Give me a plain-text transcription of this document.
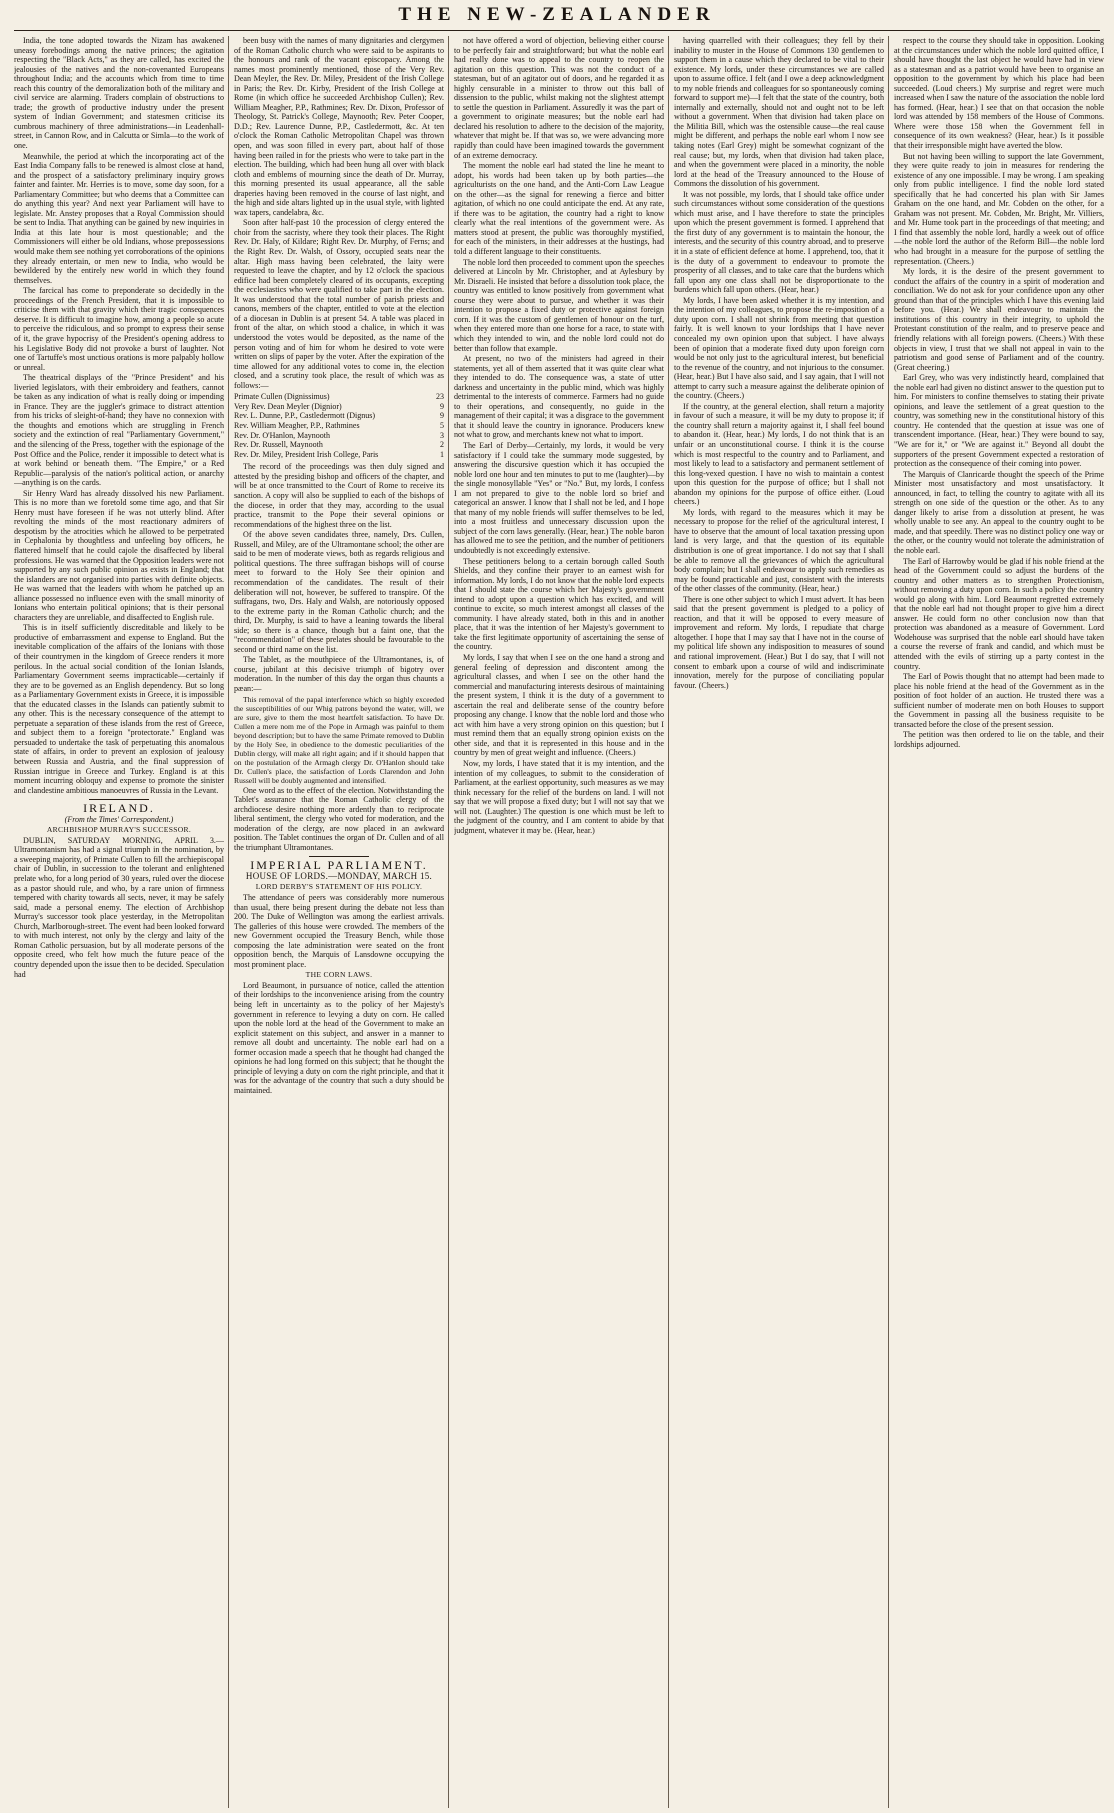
THE NEW-ZEALANDER

India, the tone adopted towards the Nizam has awakened uneasy forebodings among the native princes; the agitation respecting the "Black Acts," as they are called, has excited the jealousies of the natives and the non-covenanted Europeans throughout India; and the accounts which from time to time reach this country of the demoralization both of the military and civil service are alarming. Traders complain of obstructions to trade; the growth of productive industry under the present system of Indian Government; and statesmen criticise its cumbrous machinery of three administrations—in Leadenhall-street, in Cannon Row, and in Calcutta or Simla—to the work of one.

Meanwhile, the period at which the incorporating act of the East India Company falls to be renewed is almost close at hand, and the prospect of a satisfactory preliminary inquiry grows fainter and fainter. Mr. Herries is to move, some day soon, for a Parliamentary Committee; but who deems that a Committee can do anything this year? And next year Parliament will have to legislate. Mr. Anstey proposes that a Royal Commission should be sent to India. That anything can be gained by new inquiries in India at this late hour is most questionable; and the Commissioners will either be old Indians, whose prepossessions would make them see nothing yet corroborations of the opinions they already entertain, or men new to India, who would be bewildered by the entirely new world in which they found themselves.

The farcical has come to preponderate so decidedly in the proceedings of the French President, that it is impossible to criticise them with that gravity which their tragic consequences deserve. It is difficult to imagine how, among a people so acute to perceive the ridiculous, and so prompt to express their sense of it, the grave hypocrisy of the President's opening address to his Legislative Body did not provoke a burst of laughter. Not one of Tartuffe's most unctious orations is more palpably hollow or unreal.

The theatrical displays of the "Prince President" and his liveried legislators, with their embroidery and feathers, cannot be taken as any indication of what is really doing or impending in France. They are the juggler's grimace to distract attention from his tricks of sleight-of-hand; they have no connexion with the thoughts and emotions which are struggling in French society and the extinction of real "Parliamentary Government," and the silencing of the Press, together with the espionage of the Post Office and the Police, render it impossible to detect what is at work behind or beneath them. "The Empire," or a Red Republic—paralysis of the nation's political action, or anarchy—anything is on the cards.

Sir Henry Ward has already dissolved his new Parliament. This is no more than we foretold some time ago, and that Sir Henry must have foreseen if he was not utterly blind. After revolting the minds of the most reactionary admirers of despotism by the atrocities which he allowed to be perpetrated in Cephalonia by thoughtless and unfeeling boy officers, he flattered himself that he could cajole the disaffected by liberal professions. He was warned that the Opposition leaders were not supported by any such public opinion as exists in England; that the islanders are not organised into parties with definite objects. He was warned that the leaders with whom he patched up an alliance possessed no influence even with the small minority of Ionians who entertain political opinions; that is their personal characters they are unreliable, and disaffected to English rule.

This is in itself sufficiently discreditable and likely to be productive of embarrassment and expense to England. But the inevitable complication of the affairs of the Ionians with those of their countrymen in the kingdom of Greece renders it more perilous. In the actual social condition of the Ionian Islands, Parliamentary Government seems impracticable—certainly if they are to be governed as an English dependency. But so long as a Parliamentary Government exists in Greece, it is impossible that the educated classes in the Islands can patiently submit to any other. This is the necessary consequence of the attempt to perpetuate a separation of these islands from the rest of Greece, and subject them to a foreign "protectorate." England was persuaded to undertake the task of perpetuating this anomalous state of affairs, in order to prevent an explosion of jealousy between Russia and Austria, and the final suppression of Russian intrigue in Greece and Turkey. England is at this moment incurring obloquy and expense to promote the sinister and clandestine ambitious manoeuvres of Russia in the Levant.

IRELAND.

(From the Times' Correspondent.)

ARCHBISHOP MURRAY'S SUCCESSOR.

DUBLIN, SATURDAY MORNING, APRIL 3.—Ultramontanism has had a signal triumph in the nomination, by a sweeping majority, of Primate Cullen to fill the archiepiscopal chair of Dublin, in succession to the tolerant and enlightened prelate who, for a long period of 30 years, ruled over the diocese as a pastor should rule, and who, by a rare union of firmness tempered with charity towards all sects, never, it may be safely said, made a personal enemy. The election of Archbishop Murray's successor took place yesterday, in the Metropolitan Church, Marlborough-street. The event had been looked forward to with much interest, not only by the clergy and laity of the Roman Catholic persuasion, but by all moderate persons of the opposite creed, who felt how much the future peace of the country depended upon the issue then to be decided. Speculation had

been busy with the names of many dignitaries and clergymen of the Roman Catholic church who were said to be aspirants to the honours and rank of the vacant episcopacy. Among the names most prominently mentioned, those of the Very Rev. Dean Meyler, the Rev. Dr. Miley, President of the Irish College in Paris; the Rev. Dr. Kirby, President of the Irish College at Rome (in which office he succeeded Archbishop Cullen); Rev. William Meagher, P.P., Rathmines; Rev. Dr. Dixon, Professor of Theology, St. Patrick's College, Maynooth; Rev. Peter Cooper, D.D.; Rev. Laurence Dunne, P.P., Castledermott, &c. At ten o'clock the Roman Catholic Metropolitan Chapel was thrown open, and was soon filled in every part, about half of those having been railed in for the priests who were to take part in the election. The building, which had been hung all over with black cloth and emblems of mourning since the death of Dr. Murray, this morning presented its usual appearance, all the sable draperies having been removed in the course of last night, and the high and side altars lighted up in the usual style, with lighted wax tapers, candelabra, &c.

Soon after half-past 10 the procession of clergy entered the choir from the sacristy, where they took their places. The Right Rev. Dr. Haly, of Kildare; Right Rev. Dr. Murphy, of Ferns; and the Right Rev. Dr. Walsh, of Ossory, occupied seats near the altar. High mass having been celebrated, the laity were requested to leave the chapter, and by 12 o'clock the spacious edifice had been completely cleared of its occupants, excepting the ecclesiastics who were qualified to take part in the election. It was understood that the total number of parish priests and canons, members of the chapter, entitled to vote at the election of a diocesan in Dublin is at present 54. A table was placed in front of the altar, on which stood a chalice, in which it was understood the votes would be deposited, as the name of the person voting and of him for whom he desired to vote were written on slips of paper by the voter. After the expiration of the time allowed for any additional votes to come in, the election closed, and a scrutiny took place, the result of which was as follows:—

Primate Cullen (Dignissimus)	23
Very Rev. Dean Meyler (Dignior)	9
Rev. L. Dunne, P.P., Castledermott (Dignus)	9
Rev. William Meagher, P.P., Rathmines	5
Rev. Dr. O'Hanlon, Maynooth	3
Rev. Dr. Russell, Maynooth	2
Rev. Dr. Miley, President Irish College, Paris	1

The record of the proceedings was then duly signed and attested by the presiding bishop and officers of the chapter, and will be at once transmitted to the Court of Rome to receive its sanction. A copy will also be supplied to each of the bishops of the diocese, in order that they may, according to the usual practice, transmit to the Pope their several opinions or recommendations of the highest three on the list.

Of the above seven candidates three, namely, Drs. Cullen, Russell, and Miley, are of the Ultramontane school; the other are said to be men of moderate views, both as regards religious and political questions. The three suffragan bishops will of course meet to forward to the Holy See their opinion and recommendation of the candidates. The result of their deliberation will not, however, be suffered to transpire. Of the suffragans, two, Drs. Haly and Walsh, are notoriously opposed to the extreme party in the Roman Catholic church; and the third, Dr. Murphy, is said to have a leaning towards the liberal side; so there is a chance, though but a faint one, that the "recommendation" of these prelates should be favourable to the second or third name on the list.

The Tablet, as the mouthpiece of the Ultramontanes, is, of course, jubilant at this decisive triumph of bigotry over moderation. In the number of this day the organ thus chaunts a pæan:—

This removal of the papal interference which so highly exceeded the susceptibilities of our Whig patrons beyond the water, will, we are sure, give to them the most heartfelt satisfaction. To have Dr. Cullen a mere nom me of the Pope in Armagh was painful to them beyond description; but to have the same Primate removed to Dublin by the Holy See, in obedience to the domestic peculiarities of the Dublin clergy, will make all right again; and if it should happen that on the postulation of the Armagh clergy Dr. O'Hanlon should take Dr. Cullen's place, the satisfaction of Lords Clarendon and John Russell will be doubly augmented and intensified.

One word as to the effect of the election. Notwithstanding the Tablet's assurance that the Roman Catholic clergy of the archdiocese desire nothing more ardently than to reciprocate liberal sentiment, the clergy who voted for moderation, and the moderation of the clergy, are now placed in an awkward position. The Tablet continues the organ of Dr. Cullen and of all the triumphant Ultramontanes.

IMPERIAL PARLIAMENT.

HOUSE OF LORDS.—MONDAY, MARCH 15.

LORD DERBY'S STATEMENT OF HIS POLICY.

The attendance of peers was considerably more numerous than usual, there being present during the debate not less than 200. The Duke of Wellington was among the earliest arrivals. The galleries of this house were crowded. The members of the new Government occupied the Treasury Bench, while those composing the late administration were seated on the front opposition bench, the Marquis of Lansdowne occupying the most prominent place.

THE CORN LAWS.

Lord Beaumont, in pursuance of notice, called the attention of their lordships to the inconvenience arising from the country being left in uncertainty as to the policy of her Majesty's government in reference to levying a duty on corn. He called upon the noble lord at the head of the Government to make an explicit statement on this subject, and answer in a manner to remove all doubt and uncertainty. The noble earl had on a former occasion made a speech that he thought had changed the opinions he had long formed on this subject; that he thought the principle of levying a duty on corn the right principle, and that it was for the advantage of the country that such a duty should be maintained.

not have offered a word of objection, believing either course to be perfectly fair and straightforward; but what the noble earl had really done was to appeal to the country to reopen the agitation on this question. This was not the conduct of a statesman, but of an agitator out of doors, and he regarded it as highly censurable in a minister to throw out this ball of dissension to the public, whilst making not the slightest attempt to settle the question in Parliament. Assuredly it was the part of a government to originate measures; but the noble earl had declared his resolution to adhere to the decision of the majority, whatever that might be. If that was so, we were advancing more rapidly than could have been imagined towards the government of an extreme democracy.

The moment the noble earl had stated the line he meant to adopt, his words had been taken up by both parties—the agriculturists on the one hand, and the Anti-Corn Law League on the other—as the signal for renewing a fierce and bitter agitation, of which no one could anticipate the end. At any rate, if there was to be agitation, the country had a right to know clearly what the real intentions of the government were. As matters stood at present, the public was thoroughly mystified, for each of the ministers, in their addresses at the hustings, had told a different language to their constituents.

The noble lord then proceeded to comment upon the speeches delivered at Lincoln by Mr. Christopher, and at Aylesbury by Mr. Disraeli. He insisted that before a dissolution took place, the country was entitled to know positively from government what course they were about to pursue, and whether it was their intention to propose a fixed duty or protective against foreign corn. If it was the custom of gentlemen of honour on the turf, when they entered more than one horse for a race, to state with which they intended to win, and the noble lord could not do better than follow that example.

At present, no two of the ministers had agreed in their statements, yet all of them asserted that it was quite clear what they intended to do. The consequence was, a state of utter darkness and uncertainty in the public mind, which was highly detrimental to the interests of commerce. Farmers had no guide to their operations, and consequently, no guide in the management of their capital; it was a disgrace to the government that it should leave the country in ignorance. Producers knew not what to grow, and merchants knew not what to import.

The Earl of Derby—Certainly, my lords, it would be very satisfactory if I could take the summary mode suggested, by answering the discursive question which it has occupied the noble lord one hour and ten minutes to put to me (laughter)—by the single monosyllable "Yes" or "No." But, my lords, I confess I am not prepared to give to the noble lord so brief and categorical an answer. I know that I shall not be led, and I hope that many of my noble friends will suffer themselves to be led, into a most fruitless and unnecessary discussion upon the subject of the corn laws generally. (Hear, hear.) The noble baron has allowed me to see the petition, and the number of petitioners undoubtedly is not exceedingly extensive.

These petitioners belong to a certain borough called South Shields, and they confine their prayer to an earnest wish for information. My lords, I do not know that the noble lord expects that I should state the course which her Majesty's government intend to adopt upon a question which has excited, and will continue to excite, so much interest amongst all classes of the community. I have already stated, both in this and in another place, that it was the intention of her Majesty's government to take the first legitimate opportunity of ascertaining the sense of the country.

My lords, I say that when I see on the one hand a strong and general feeling of depression and discontent among the agricultural classes, and when I see on the other hand the commercial and manufacturing interests desirous of maintaining the present system, I think it is the duty of a government to ascertain the real and deliberate sense of the country before proposing any change. I know that the noble lord and those who act with him have a very strong opinion on this question; but I must remind them that an equally strong opinion exists on the other side, and that it is represented in this house and in the country by men of great weight and influence. (Cheers.)

Now, my lords, I have stated that it is my intention, and the intention of my colleagues, to submit to the consideration of Parliament, at the earliest opportunity, such measures as we may think necessary for the relief of the burdens on land. I will not say that we will propose a fixed duty; but I will not say that we will not. (Laughter.) The question is one which must be left to the judgment of the country, and I am content to abide by that judgment, whatever it may be. (Hear, hear.)

having quarrelled with their colleagues; they fell by their inability to muster in the House of Commons 130 gentlemen to support them in a cause which they declared to be vital to their existence. My lords, under these circumstances we are called upon to assume office. I felt (and I owe a deep acknowledgment to my noble friends and colleagues for so spontaneously coming forward to support me)—I felt that the state of the country, both internally and externally, should not and ought not to be left without a government. When that division had taken place on the Militia Bill, which was the ostensible cause—the real cause might be different, and perhaps the noble earl whom I now see taking notes (Earl Grey) might be somewhat cognizant of the real cause; but, my lords, when that division had taken place, and when the government were placed in a minority, the noble lord at the head of the Treasury announced to the House of Commons the dissolution of his government.

It was not possible, my lords, that I should take office under such circumstances without some consideration of the questions which must arise, and I have therefore to state the principles upon which the present government is formed. I apprehend that the first duty of any government is to maintain the honour, the interests, and the security of this country abroad, and to preserve it in a state of efficient defence at home. I apprehend, too, that it is the duty of a government to endeavour to promote the prosperity of all classes, and to take care that the burdens which fall upon any one class shall not be disproportionate to the burdens which fall upon others. (Hear, hear.)

My lords, I have been asked whether it is my intention, and the intention of my colleagues, to propose the re-imposition of a duty upon corn. I shall not shrink from meeting that question fairly. It is well known to your lordships that I have never concealed my own opinion upon that subject. I have always been of opinion that a moderate fixed duty upon foreign corn would be not only just to the agricultural interest, but beneficial to the revenue of the country, and not injurious to the consumer. (Hear, hear.) But I have also said, and I say again, that I will not attempt to carry such a measure against the deliberate opinion of the country. (Cheers.)

If the country, at the general election, shall return a majority in favour of such a measure, it will be my duty to propose it; if the country shall return a majority against it, I shall feel bound to abandon it. (Hear, hear.) My lords, I do not think that is an unfair or an unconstitutional course. I think it is the course which is most respectful to the country and to Parliament, and most likely to lead to a satisfactory and permanent settlement of this long-vexed question. I have no wish to maintain a contest upon this question for the purpose of office; but I shall not abandon my opinions for the purpose of office either. (Loud cheers.)

My lords, with regard to the measures which it may be necessary to propose for the relief of the agricultural interest, I have to observe that the amount of local taxation pressing upon land is very large, and that the question of its equitable distribution is one of great importance. I do not say that I shall be able to remove all the grievances of which the agricultural body complain; but I shall endeavour to apply such remedies as may be found practicable and just, consistent with the interests of the other classes of the community. (Hear, hear.)

There is one other subject to which I must advert. It has been said that the present government is pledged to a policy of reaction, and that it will be opposed to every measure of improvement and reform. My lords, I repudiate that charge altogether. I hope that I may say that I have not in the course of my political life shown any indisposition to measures of sound and rational improvement. (Hear.) But I do say, that I will not consent to embark upon a course of wild and indiscriminate innovation, merely for the purpose of conciliating popular favour. (Cheers.)

respect to the course they should take in opposition. Looking at the circumstances under which the noble lord quitted office, I should have thought the last object he would have had in view as a statesman and as a patriot would have been to organise an opposition to the government by which his place had been succeeded. (Loud cheers.) My surprise and regret were much increased when I saw the nature of the association the noble lord has formed. (Hear, hear.) I see that on that occasion the noble lord was attended by 158 members of the House of Commons. Where were those 158 when the Government fell in consequence of its own weakness? (Hear, hear.) Is it possible that their irresponsible might have averted the blow.

But not having been willing to support the late Government, they were quite ready to join in measures for rendering the existence of any one impossible. I may be wrong. I am speaking only from public intelligence. I find the noble lord stated specifically that he had concerted his plan with Sir James Graham on the one hand, and Mr. Cobden on the other, for a Graham was not present. Mr. Cobden, Mr. Bright, Mr. Villiers, and Mr. Hume took part in the proceedings of that meeting; and I find that assembly the noble lord, hardly a week out of office—the noble lord the author of the Reform Bill—the noble lord who had brought in a measure for the purpose of settling the representation. (Cheers.)

My lords, it is the desire of the present government to conduct the affairs of the country in a spirit of moderation and conciliation. We do not ask for your confidence upon any other ground than that of the principles which I have this evening laid before you. (Hear.) We shall endeavour to maintain the institutions of this country in their integrity, to uphold the Protestant constitution of the realm, and to preserve peace and friendly relations with all foreign powers. (Cheers.) With these objects in view, I trust that we shall not appeal in vain to the patriotism and good sense of Parliament and of the country. (Great cheering.)

Earl Grey, who was very indistinctly heard, complained that the noble earl had given no distinct answer to the question put to him. For ministers to confine themselves to stating their private opinions, and leave the settlement of a great question to the country, was something new in the constitutional history of this country. He contended that the question at issue was one of transcendent importance. (Hear, hear.) They were bound to say, "We are for it," or "We are against it." Beyond all doubt the supporters of the present Government expected a restoration of protection as the consequence of their coming into power.

The Marquis of Clanricarde thought the speech of the Prime Minister most unsatisfactory and most unsatisfactory. It announced, in fact, to telling the country to agitate with all its strength on one side of the question or the other. As to any danger likely to arise from a dissolution at present, he was wholly unable to see any. An appeal to the country ought to be made, and that speedily. There was no distinct policy one way or the other, or the country would not tolerate the administration of the noble earl.

The Earl of Harrowby would be glad if his noble friend at the head of the Government could so adjust the burdens of the country and other matters as to strengthen Protectionism, without removing a duty upon corn. In such a policy the country would go along with him. Lord Beaumont regretted extremely that the noble earl had not thought proper to give him a direct answer. He could form no other conclusion now than that protection was abandoned as a measure of Government. Lord Wodehouse was surprised that the noble earl should have taken a course the reverse of frank and candid, and which must be attended with the evils of stirring up a party contest in the country.

The Earl of Powis thought that no attempt had been made to place his noble friend at the head of the Government as in the position of foot holder of an auction. He trusted there was a sufficient number of moderate men on both Houses to support the Government in passing all the business requisite to be transacted before the close of the present session.

The petition was then ordered to lie on the table, and their lordships adjourned.
